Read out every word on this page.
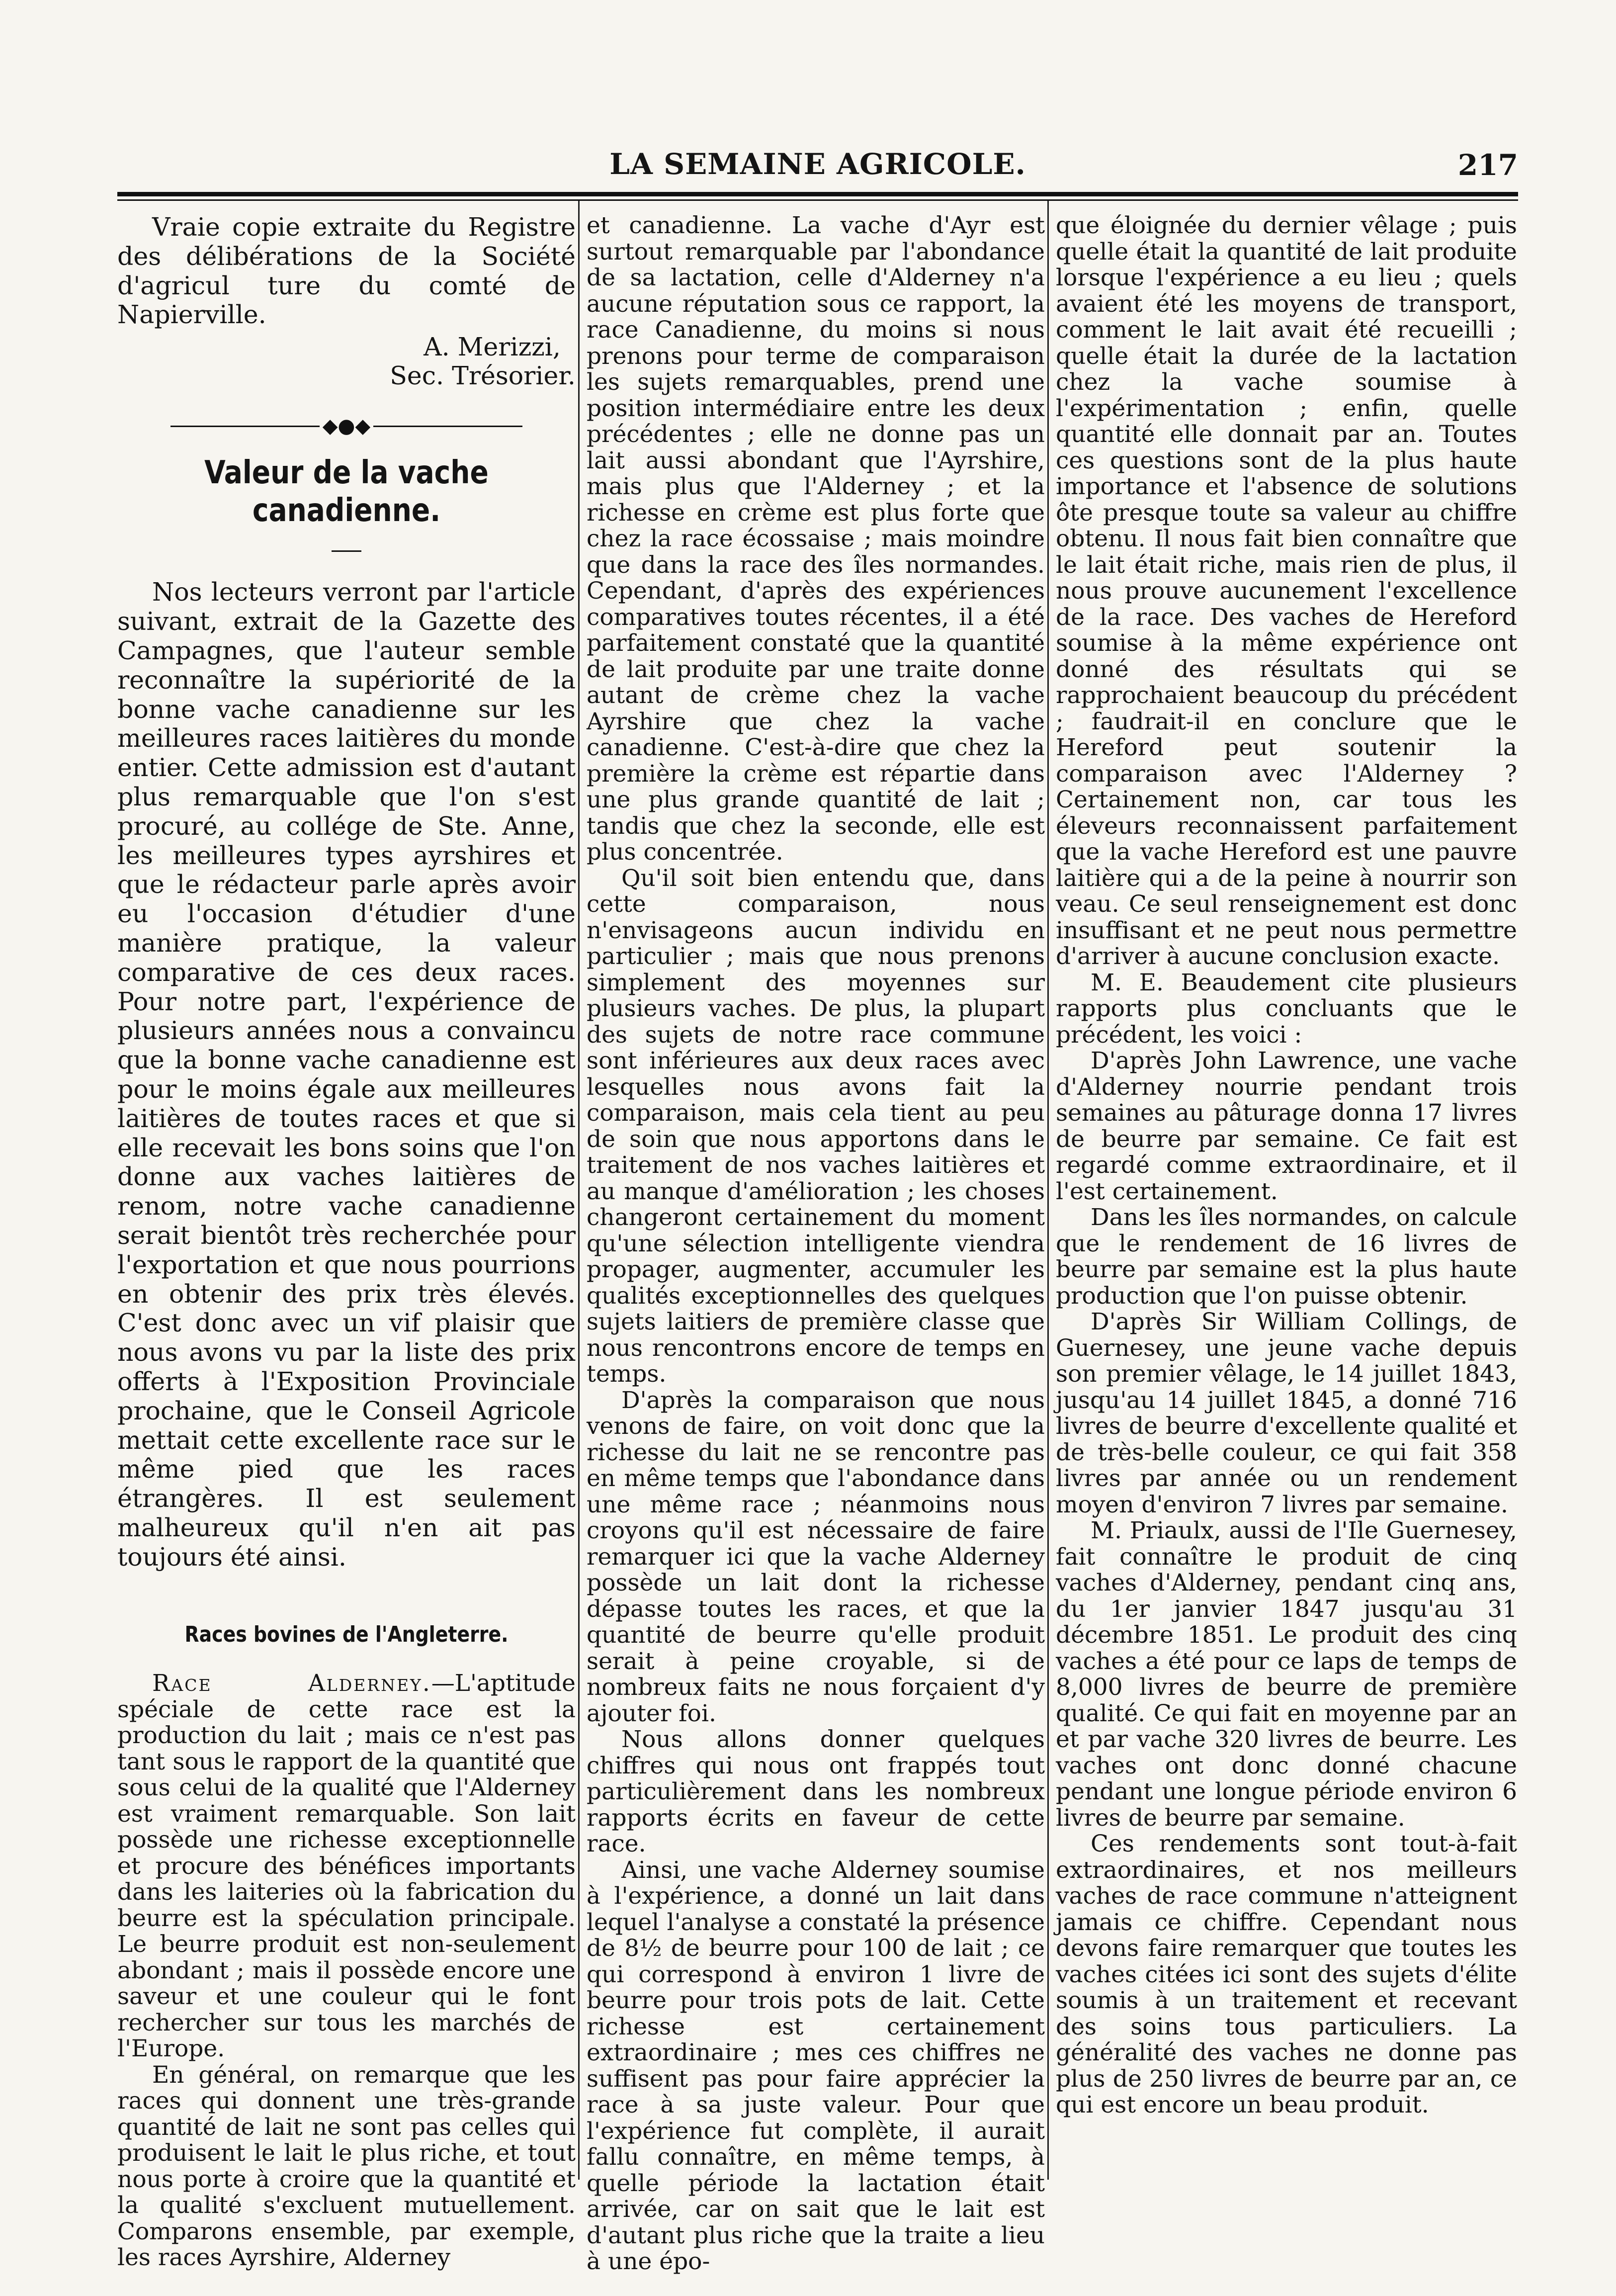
LA SEMAINE AGRICOLE.	217

Vraie copie extraite du Registre des délibérations de la Société d'agricul ture du comté de Napierville.

A. Merizzi,
Sec. Trésorier.
◆●◆
Valeur de la vache canadienne.

Nos lecteurs verront par l'article suivant, extrait de la Gazette des Campagnes, que l'auteur semble reconnaître la supériorité de la bonne vache canadienne sur les meilleures races laitières du monde entier. Cette admission est d'autant plus remarquable que l'on s'est procuré, au collége de Ste. Anne, les meilleures types ayrshires et que le rédacteur parle après avoir eu l'occasion d'étudier d'une manière pratique, la valeur comparative de ces deux races. Pour notre part, l'expérience de plusieurs années nous a convaincu que la bonne vache canadienne est pour le moins égale aux meilleures laitières de toutes races et que si elle recevait les bons soins que l'on donne aux vaches laitières de renom, notre vache canadienne serait bientôt très recherchée pour l'exportation et que nous pourrions en obtenir des prix très élevés. C'est donc avec un vif plaisir que nous avons vu par la liste des prix offerts à l'Exposition Provinciale prochaine, que le Conseil Agricole mettait cette excellente race sur le même pied que les races étrangères. Il est seulement malheureux qu'il n'en ait pas toujours été ainsi.

Races bovines de l'Angleterre.

Race Alderney.—L'aptitude spéciale de cette race est la production du lait ; mais ce n'est pas tant sous le rapport de la quantité que sous celui de la qualité que l'Alderney est vraiment remarquable. Son lait possède une richesse exceptionnelle et procure des bénéfices importants dans les laiteries où la fabrication du beurre est la spéculation principale. Le beurre produit est non-seulement abondant ; mais il possède encore une saveur et une couleur qui le font rechercher sur tous les marchés de l'Europe.

En général, on remarque que les races qui donnent une très-grande quantité de lait ne sont pas celles qui produisent le lait le plus riche, et tout nous porte à croire que la quantité et la qualité s'excluent mutuellement. Comparons ensemble, par exemple, les races Ayrshire, Alderney

et canadienne. La vache d'Ayr est surtout remarquable par l'abondance de sa lactation, celle d'Alderney n'a aucune réputation sous ce rapport, la race Canadienne, du moins si nous prenons pour terme de comparaison les sujets remarquables, prend une position intermédiaire entre les deux précédentes ; elle ne donne pas un lait aussi abondant que l'Ayrshire, mais plus que l'Alderney ; et la richesse en crème est plus forte que chez la race écossaise ; mais moindre que dans la race des îles normandes. Cependant, d'après des expériences comparatives toutes récentes, il a été parfaitement constaté que la quantité de lait produite par une traite donne autant de crème chez la vache Ayrshire que chez la vache canadienne. C'est-à-dire que chez la première la crème est répartie dans une plus grande quantité de lait ; tandis que chez la seconde, elle est plus concentrée.

Qu'il soit bien entendu que, dans cette comparaison, nous n'envisageons aucun individu en particulier ; mais que nous prenons simplement des moyennes sur plusieurs vaches. De plus, la plupart des sujets de notre race commune sont inférieures aux deux races avec lesquelles nous avons fait la comparaison, mais cela tient au peu de soin que nous apportons dans le traitement de nos vaches laitières et au manque d'amélioration ; les choses changeront certainement du moment qu'une sélection intelligente viendra propager, augmenter, accumuler les qualités exceptionnelles des quelques sujets laitiers de première classe que nous rencontrons encore de temps en temps.

D'après la comparaison que nous venons de faire, on voit donc que la richesse du lait ne se rencontre pas en même temps que l'abondance dans une même race ; néanmoins nous croyons qu'il est nécessaire de faire remarquer ici que la vache Alderney possède un lait dont la richesse dépasse toutes les races, et que la quantité de beurre qu'elle produit serait à peine croyable, si de nombreux faits ne nous forçaient d'y ajouter foi.

Nous allons donner quelques chiffres qui nous ont frappés tout particulièrement dans les nombreux rapports écrits en faveur de cette race.

Ainsi, une vache Alderney soumise à l'expérience, a donné un lait dans lequel l'analyse a constaté la présence de 8½ de beurre pour 100 de lait ; ce qui correspond à environ 1 livre de beurre pour trois pots de lait. Cette richesse est certainement extraordinaire ; mes ces chiffres ne suffisent pas pour faire apprécier la race à sa juste valeur. Pour que l'expérience fut complète, il aurait fallu connaître, en même temps, à quelle période la lactation était arrivée, car on sait que le lait est d'autant plus riche que la traite a lieu à une épo-

que éloignée du dernier vêlage ; puis quelle était la quantité de lait produite lorsque l'expérience a eu lieu ; quels avaient été les moyens de transport, comment le lait avait été recueilli ; quelle était la durée de la lactation chez la vache soumise à l'expérimentation ; enfin, quelle quantité elle donnait par an. Toutes ces questions sont de la plus haute importance et l'absence de solutions ôte presque toute sa valeur au chiffre obtenu. Il nous fait bien connaître que le lait était riche, mais rien de plus, il nous prouve aucunement l'excellence de la race. Des vaches de Hereford soumise à la même expérience ont donné des résultats qui se rapprochaient beaucoup du précédent ; faudrait-il en conclure que le Hereford peut soutenir la comparaison avec l'Alderney ? Certainement non, car tous les éleveurs reconnaissent parfaitement que la vache Hereford est une pauvre laitière qui a de la peine à nourrir son veau. Ce seul renseignement est donc insuffisant et ne peut nous permettre d'arriver à aucune conclusion exacte.

M. E. Beaudement cite plusieurs rapports plus concluants que le précédent, les voici :

D'après John Lawrence, une vache d'Alderney nourrie pendant trois semaines au pâturage donna 17 livres de beurre par semaine. Ce fait est regardé comme extraordinaire, et il l'est certainement.

Dans les îles normandes, on calcule que le rendement de 16 livres de beurre par semaine est la plus haute production que l'on puisse obtenir.

D'après Sir William Collings, de Guernesey, une jeune vache depuis son premier vêlage, le 14 juillet 1843, jusqu'au 14 juillet 1845, a donné 716 livres de beurre d'excellente qualité et de très-belle couleur, ce qui fait 358 livres par année ou un rendement moyen d'environ 7 livres par semaine.

M. Priaulx, aussi de l'Ile Guernesey, fait connaître le produit de cinq vaches d'Alderney, pendant cinq ans, du 1er janvier 1847 jusqu'au 31 décembre 1851. Le produit des cinq vaches a été pour ce laps de temps de 8,000 livres de beurre de première qualité. Ce qui fait en moyenne par an et par vache 320 livres de beurre. Les vaches ont donc donné chacune pendant une longue période environ 6 livres de beurre par semaine.

Ces rendements sont tout-à-fait extraordinaires, et nos meilleurs vaches de race commune n'atteignent jamais ce chiffre. Cependant nous devons faire remarquer que toutes les vaches citées ici sont des sujets d'élite soumis à un traitement et recevant des soins tous particuliers. La généralité des vaches ne donne pas plus de 250 livres de beurre par an, ce qui est encore un beau produit.
